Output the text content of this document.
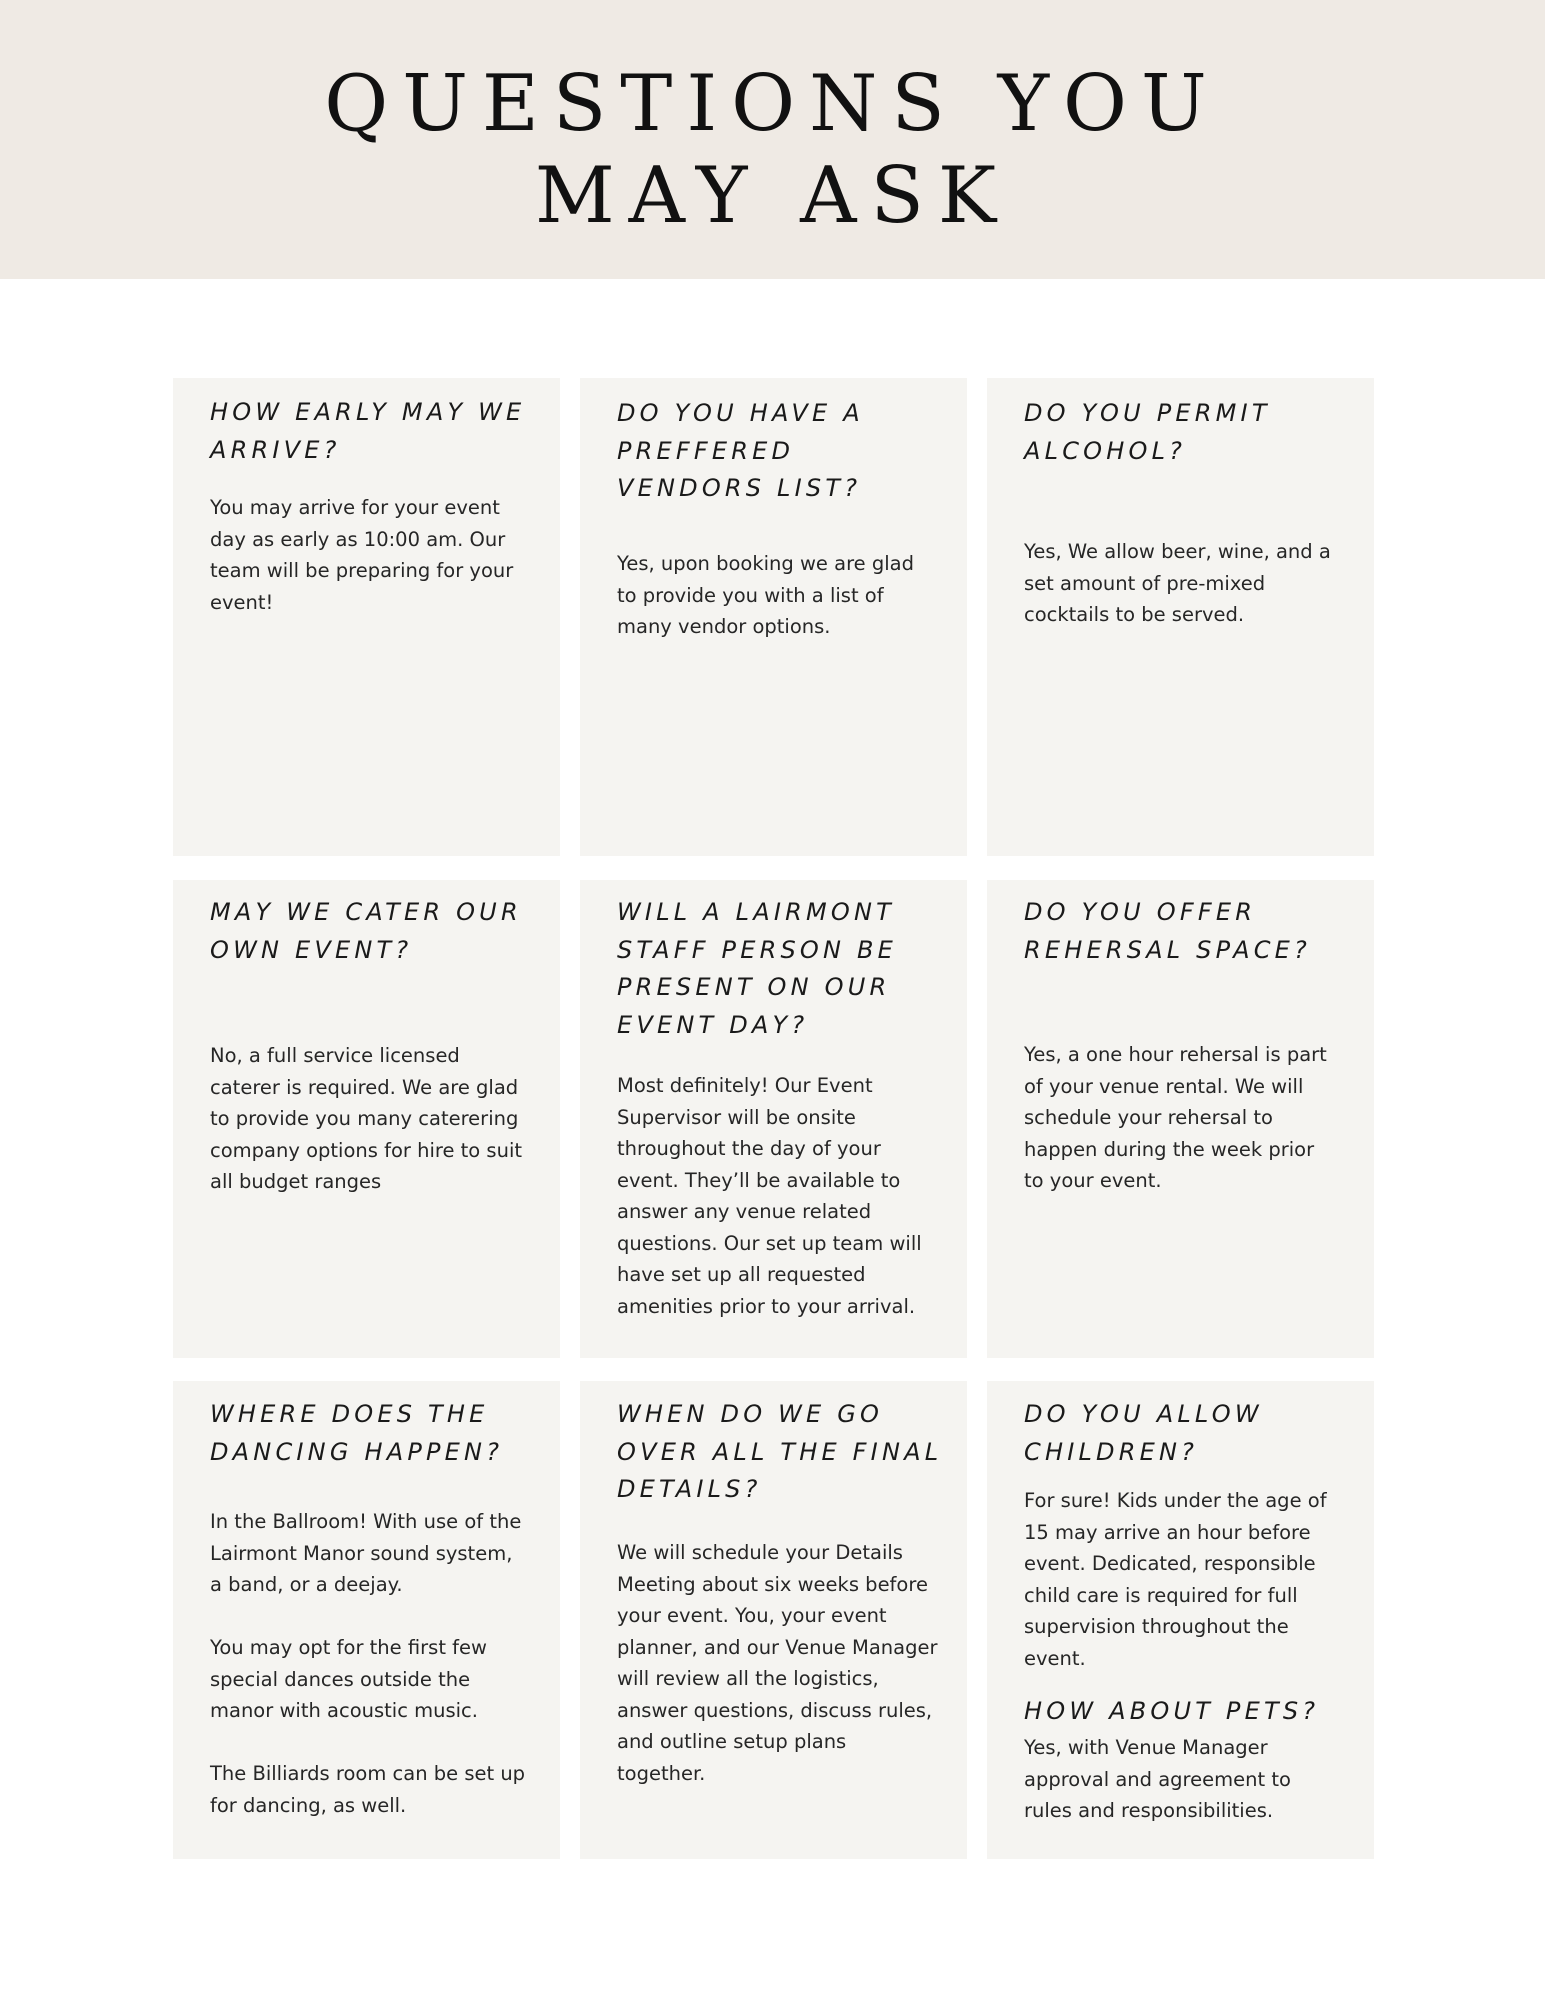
QUESTIONS YOU
MAY ASK
HOW EARLY MAY WE
ARRIVE?

You may arrive for your event
day as early as 10:00 am. Our
team will be preparing for your
event!

DO YOU HAVE A
PREFFERED
VENDORS LIST?

Yes, upon booking we are glad
to provide you with a list of
many vendor options.

DO YOU PERMIT
ALCOHOL?

Yes, We allow beer, wine, and a
set amount of pre-mixed
cocktails to be served.

MAY WE CATER OUR
OWN EVENT?

No, a full service licensed
caterer is required. We are glad
to provide you many caterering
company options for hire to suit
all budget ranges

WILL A LAIRMONT
STAFF PERSON BE
PRESENT ON OUR
EVENT DAY?

Most definitely! Our Event
Supervisor will be onsite
throughout the day of your
event. They’ll be available to
answer any venue related
questions. Our set up team will
have set up all requested
amenities prior to your arrival.

DO YOU OFFER
REHERSAL SPACE?

Yes, a one hour rehersal is part
of your venue rental. We will
schedule your rehersal to
happen during the week prior
to your event.

WHERE DOES THE
DANCING HAPPEN?

In the Ballroom! With use of the
Lairmont Manor sound system,
a band, or a deejay.

You may opt for the first few
special dances outside the
manor with acoustic music.

The Billiards room can be set up
for dancing, as well.

WHEN DO WE GO
OVER ALL THE FINAL
DETAILS?

We will schedule your Details
Meeting about six weeks before
your event. You, your event
planner, and our Venue Manager
will review all the logistics,
answer questions, discuss rules,
and outline setup plans
together.

DO YOU ALLOW
CHILDREN?

For sure! Kids under the age of
15 may arrive an hour before
event. Dedicated, responsible
child care is required for full
supervision throughout the
event.

HOW ABOUT PETS?

Yes, with Venue Manager
approval and agreement to
rules and responsibilities.
